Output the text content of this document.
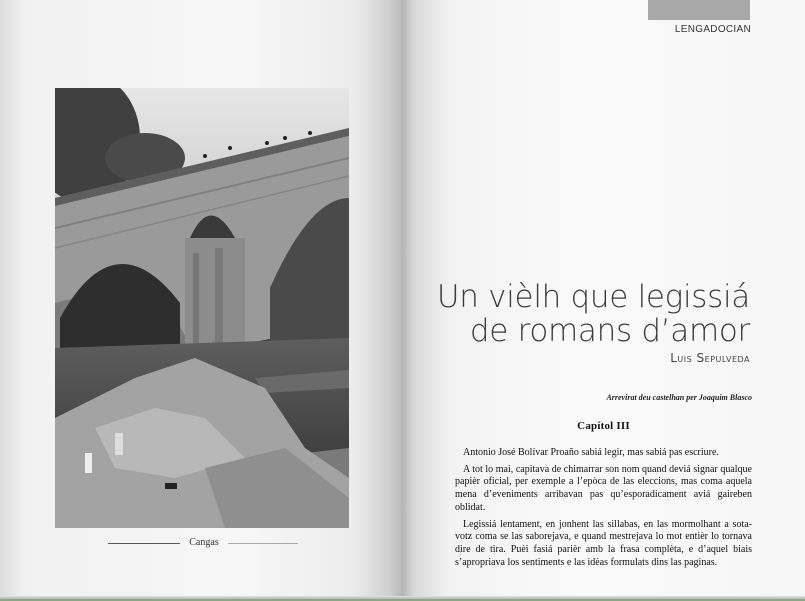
Cangas
LENGADOCIAN
Un vièlh que legissiá
de romans d’amor
Luis Sepulveda
Arrevirat deu castelhan per Joaquim Blasco
Capítol III

Antonio José Bolívar Proaño sabiá legir, mas sabiá pas escriure.

A tot lo mai, capitava de chimarrar son nom quand deviá signar qualque papièr oficial, per exemple a l’epòca de las eleccions, mas coma aquela mena d’eveniments arribavan pas qu’esporadicament aviá gaireben oblidat.

Legissiá lentament, en jonhent las sillabas, en las mormolhant a sota-votz coma se las saborejava, e quand mestrejava lo mot entièr lo tornava dire de tira. Puèi fasiá parièr amb la frasa complèta, e d’aquel biais s’apropriava los sentiments e las idèas formulats dins las paginas.
